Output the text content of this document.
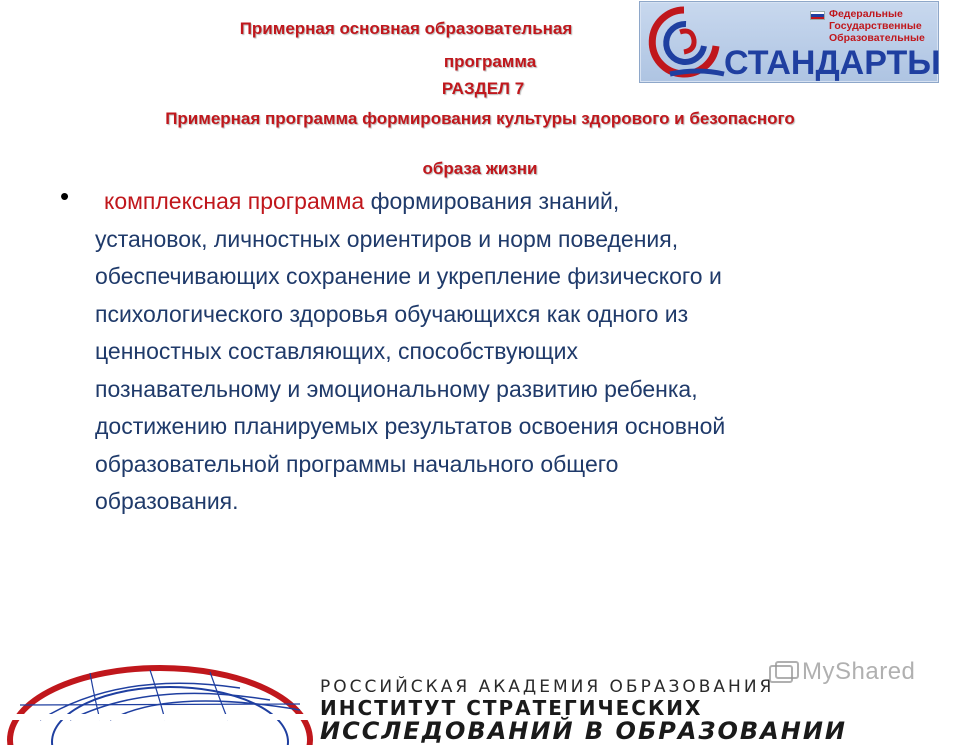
Примерная основная образовательная
программа
РАЗДЕЛ 7
Примерная программа формирования культуры здорового и безопасного
образа жизни
Федеральные
Государственные
Образовательные
СТАНДАРТЫ
•	комплексная программа формирования знаний,
установок, личностных ориентиров и норм поведения,
обеспечивающих сохранение и укрепление физического и
психологического здоровья обучающихся как одного из
ценностных составляющих, способствующих
познавательному и эмоциональному развитию ребенка,
достижению планируемых результатов освоения основной
образовательной программы начального общего
образования.
РОССИЙСКАЯ АКАДЕМИЯ ОБРАЗОВАНИЯ
ИНСТИТУТ СТРАТЕГИЧЕСКИХ
ИССЛЕДОВАНИЙ В ОБРАЗОВАНИИ
MyShared
